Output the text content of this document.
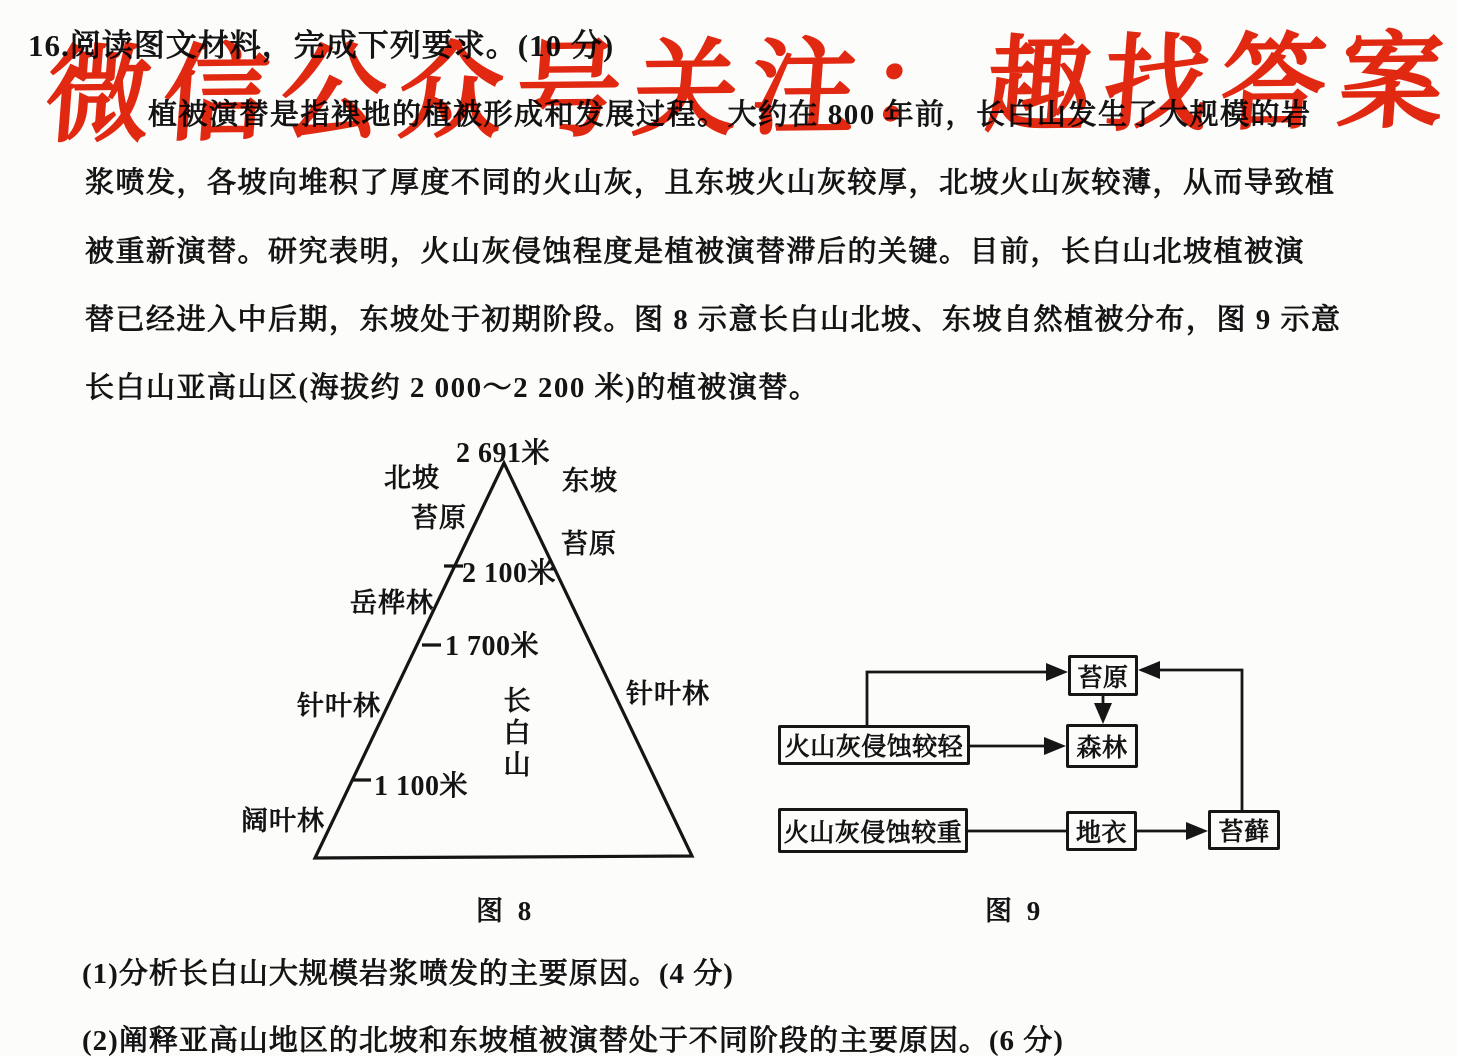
16.阅读图文材料，完成下列要求。(10 分)
植被演替是指裸地的植被形成和发展过程。大约在 800 年前，长白山发生了大规模的岩
浆喷发，各坡向堆积了厚度不同的火山灰，且东坡火山灰较厚，北坡火山灰较薄，从而导致植
被重新演替。研究表明，火山灰侵蚀程度是植被演替滞后的关键。目前，长白山北坡植被演
替已经进入中后期，东坡处于初期阶段。图 8 示意长白山北坡、东坡自然植被分布，图 9 示意
长白山亚高山区(海拔约 2 000～2 200 米)的植被演替。
2 691米
北坡	东坡
苔原
苔原
2 100米
岳桦林
1 700米
针叶林	针叶林
长白山
1 100米
阔叶林
图 8
火山灰侵蚀较轻
火山灰侵蚀较重
苔原
森林
地衣	苔藓
图 9
(1)分析长白山大规模岩浆喷发的主要原因。(4 分)
(2)阐释亚高山地区的北坡和东坡植被演替处于不同阶段的主要原因。(6 分)
微 信 公 众 号 关 注 ： 趣 找 答 案
